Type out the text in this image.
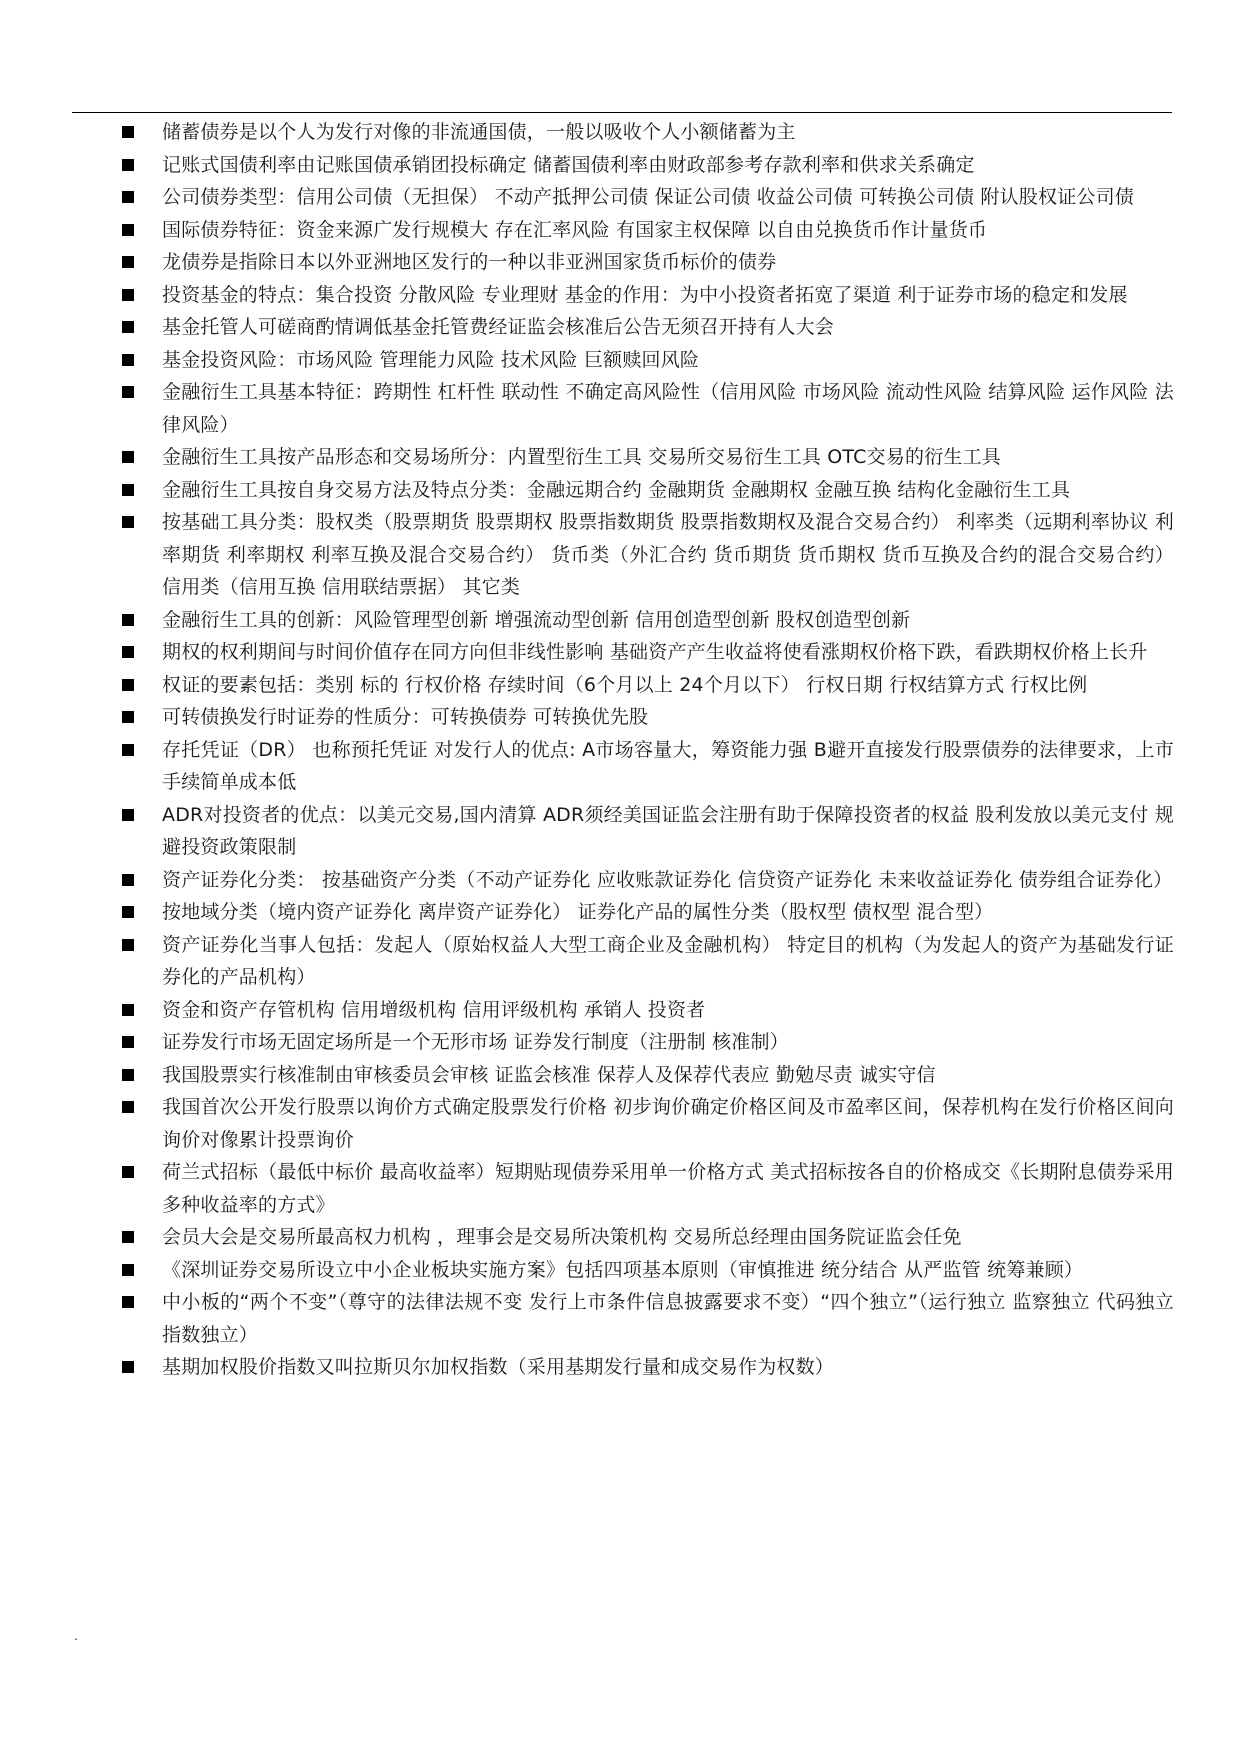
储蓄债券是以个人为发行对像的非流通国债，一般以吸收个人小额储蓄为主
记账式国债利率由记账国债承销团投标确定 储蓄国债利率由财政部参考存款利率和供求关系确定
公司债券类型：信用公司债（无担保） 不动产抵押公司债 保证公司债 收益公司债 可转换公司债 附认股权证公司债
国际债券特征：资金来源广发行规模大 存在汇率风险 有国家主权保障 以自由兑换货币作计量货币
龙债券是指除日本以外亚洲地区发行的一种以非亚洲国家货币标价的债券
投资基金的特点：集合投资 分散风险 专业理财 基金的作用：为中小投资者拓宽了渠道 利于证券市场的稳定和发展
基金托管人可磋商酌情调低基金托管费经证监会核准后公告无须召开持有人大会
基金投资风险：市场风险 管理能力风险 技术风险 巨额赎回风险
金融衍生工具基本特征：跨期性 杠杆性 联动性 不确定高风险性（信用风险 市场风险 流动性风险 结算风险 运作风险 法律风险）
金融衍生工具按产品形态和交易场所分：内置型衍生工具 交易所交易衍生工具 OTC交易的衍生工具
金融衍生工具按自身交易方法及特点分类：金融远期合约 金融期货 金融期权 金融互换 结构化金融衍生工具
按基础工具分类：股权类（股票期货 股票期权 股票指数期货 股票指数期权及混合交易合约） 利率类（远期利率协议 利率期货 利率期权 利率互换及混合交易合约） 货币类（外汇合约 货币期货 货币期权 货币互换及合约的混合交易合约）信用类（信用互换 信用联结票据） 其它类
金融衍生工具的创新：风险管理型创新 增强流动型创新 信用创造型创新 股权创造型创新
期权的权利期间与时间价值存在同方向但非线性影响 基础资产产生收益将使看涨期权价格下跌，看跌期权价格上长升
权证的要素包括：类别 标的 行权价格 存续时间（6个月以上 24个月以下） 行权日期 行权结算方式 行权比例
可转债换发行时证券的性质分：可转换债券 可转换优先股
存托凭证（DR） 也称预托凭证 对发行人的优点: A市场容量大，筹资能力强 B避开直接发行股票债券的法律要求，上市手续简单成本低
ADR对投资者的优点：以美元交易,国内清算 ADR须经美国证监会注册有助于保障投资者的权益 股利发放以美元支付 规避投资政策限制
资产证券化分类： 按基础资产分类（不动产证券化 应收账款证券化 信贷资产证券化 未来收益证券化 债券组合证券化）
按地域分类（境内资产证券化 离岸资产证券化） 证券化产品的属性分类（股权型 债权型 混合型）
资产证券化当事人包括：发起人（原始权益人大型工商企业及金融机构） 特定目的机构（为发起人的资产为基础发行证券化的产品机构）
资金和资产存管机构 信用增级机构 信用评级机构 承销人 投资者
证券发行市场无固定场所是一个无形市场 证券发行制度（注册制 核准制）
我国股票实行核准制由审核委员会审核 证监会核准 保荐人及保荐代表应 勤勉尽责 诚实守信
我国首次公开发行股票以询价方式确定股票发行价格 初步询价确定价格区间及市盈率区间，保荐机构在发行价格区间向询价对像累计投票询价
荷兰式招标（最低中标价 最高收益率）短期贴现债券采用单一价格方式 美式招标按各自的价格成交《长期附息债券采用多种收益率的方式》
会员大会是交易所最高权力机构 ，理事会是交易所决策机构 交易所总经理由国务院证监会任免
《深圳证券交易所设立中小企业板块实施方案》包括四项基本原则（审慎推进 统分结合 从严监管 统筹兼顾）
中小板的“两个不变”（尊守的法律法规不变 发行上市条件信息披露要求不变）“四个独立”（运行独立 监察独立 代码独立 指数独立）
基期加权股价指数又叫拉斯贝尔加权指数（采用基期发行量和成交易作为权数）
.
